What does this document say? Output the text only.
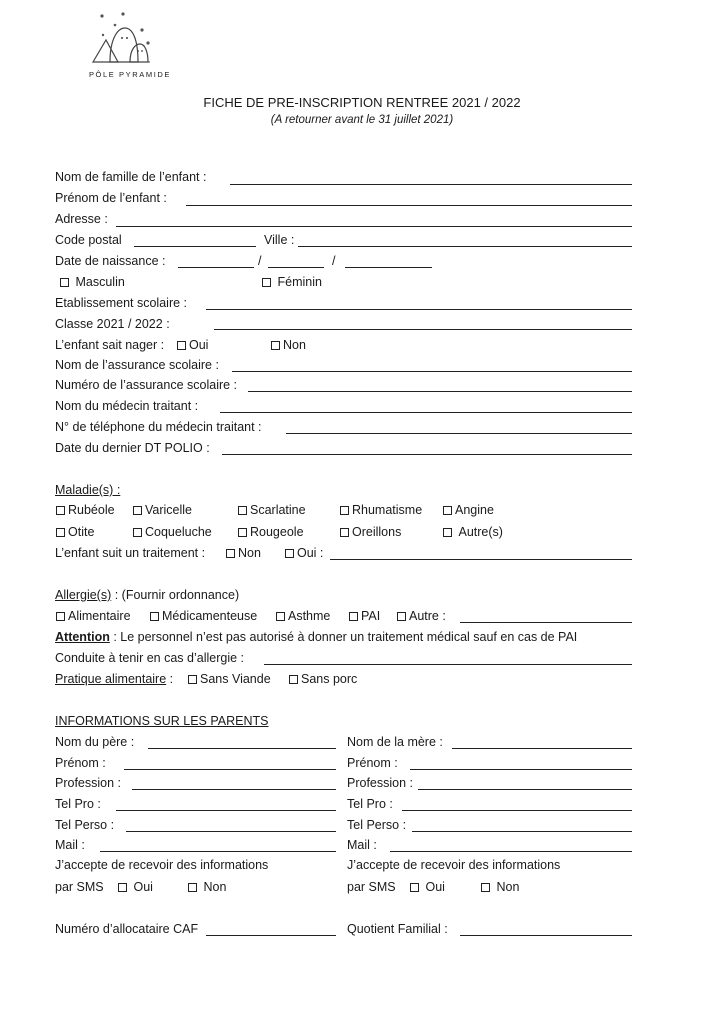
PÔLE PYRAMIDE
FICHE DE PRE-INSCRIPTION RENTREE 2021 / 2022
(A retourner avant le 31 juillet 2021)
Nom de famille de l’enfant :
Prénom de l’enfant :
Adresse :
Code postal	Ville :
Date de naissance :	/	/
Masculin	Féminin
Etablissement scolaire :
Classe 2021 / 2022 :
L’enfant sait nager :	Oui	Non
Nom de l’assurance scolaire :
Numéro de l’assurance scolaire :
Nom du médecin traitant :
N° de téléphone du médecin traitant :
Date du dernier DT POLIO :
Maladie(s) :
Rubéole	Varicelle	Scarlatine	Rhumatisme	Angine
Otite	Coqueluche	Rougeole	Oreillons	Autre(s)
L’enfant suit un traitement :	Non	Oui :
Allergie(s) : (Fournir ordonnance)
Alimentaire	Médicamenteuse	Asthme	PAI	Autre :
Attention : Le personnel n’est pas autorisé à donner un traitement médical sauf en cas de PAI
Conduite à tenir en cas d’allergie :
Pratique alimentaire :	Sans Viande	Sans porc
INFORMATIONS SUR LES PARENTS
Nom du père :
Prénom :
Profession :
Tel Pro :
Tel Perso :
Mail :
J’accepte de recevoir des informations
par SMS	Oui	Non
Nom de la mère :
Prénom :
Profession :
Tel Pro :
Tel Perso :
Mail :
J’accepte de recevoir des informations
par SMS	Oui	Non
Numéro d’allocataire CAF	Quotient Familial :
